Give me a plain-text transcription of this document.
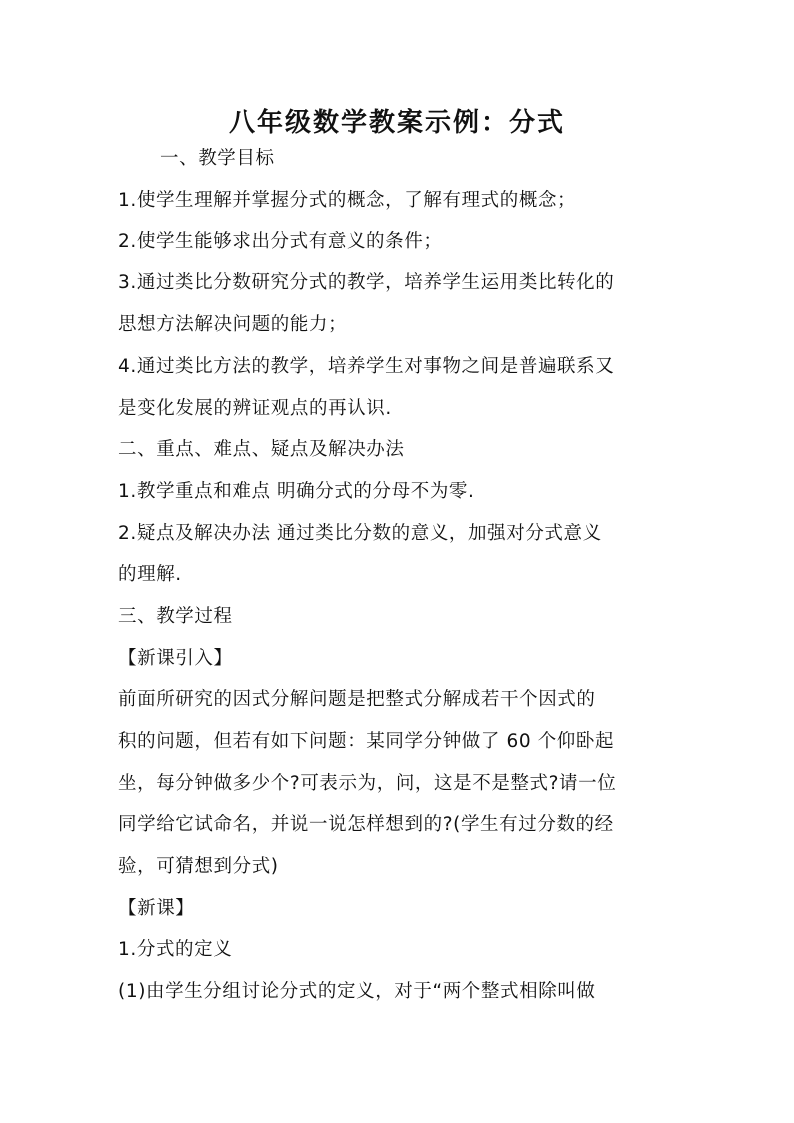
八年级数学教案示例：分式
一、教学目标
1.使学生理解并掌握分式的概念，了解有理式的概念；
2.使学生能够求出分式有意义的条件；
3.通过类比分数研究分式的教学，培养学生运用类比转化的
思想方法解决问题的能力；
4.通过类比方法的教学，培养学生对事物之间是普遍联系又
是变化发展的辨证观点的再认识.
二、重点、难点、疑点及解决办法
1.教学重点和难点 明确分式的分母不为零.
2.疑点及解决办法 通过类比分数的意义，加强对分式意义
的理解.
三、教学过程
【新课引入】
前面所研究的因式分解问题是把整式分解成若干个因式的
积的问题，但若有如下问题：某同学分钟做了 60 个仰卧起
坐，每分钟做多少个?可表示为，问，这是不是整式?请一位
同学给它试命名，并说一说怎样想到的?(学生有过分数的经
验，可猜想到分式)
【新课】
1.分式的定义
(1)由学生分组讨论分式的定义，对于“两个整式相除叫做
